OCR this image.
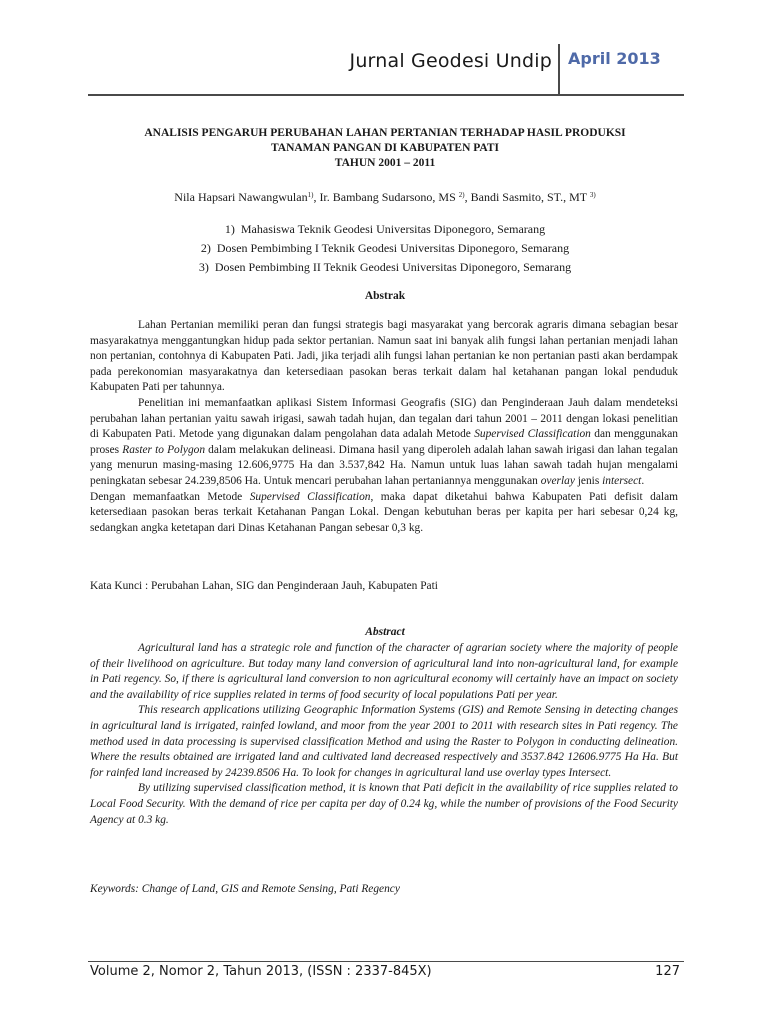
Jurnal Geodesi Undip April 2013
ANALISIS PENGARUH PERUBAHAN LAHAN PERTANIAN TERHADAP HASIL PRODUKSI
TANAMAN PANGAN DI KABUPATEN PATI
TAHUN 2001 – 2011
Nila Hapsari Nawangwulan$^{1)}$, Ir. Bambang Sudarsono, MS $^{2)}$, Bandi Sasmito, ST., MT $^{3)}$
1) Mahasiswa Teknik Geodesi Universitas Diponegoro, Semarang
2) Dosen Pembimbing I Teknik Geodesi Universitas Diponegoro, Semarang
3) Dosen Pembimbing II Teknik Geodesi Universitas Diponegoro, Semarang
Abstrak

Lahan Pertanian memiliki peran dan fungsi strategis bagi masyarakat yang bercorak agraris dimana sebagian besar masyarakatnya menggantungkan hidup pada sektor pertanian. Namun saat ini banyak alih fungsi lahan pertanian menjadi lahan non pertanian, contohnya di Kabupaten Pati. Jadi, jika terjadi alih fungsi lahan pertanian ke non pertanian pasti akan berdampak pada perekonomian masyarakatnya dan ketersediaan pasokan beras terkait dalam hal ketahanan pangan lokal penduduk Kabupaten Pati per tahunnya.

Penelitian ini memanfaatkan aplikasi Sistem Informasi Geografis (SIG) dan Penginderaan Jauh dalam mendeteksi perubahan lahan pertanian yaitu sawah irigasi, sawah tadah hujan, dan tegalan dari tahun 2001 – 2011 dengan lokasi penelitian di Kabupaten Pati. Metode yang digunakan dalam pengolahan data adalah Metode Supervised Classification dan menggunakan proses Raster to Polygon dalam melakukan delineasi. Dimana hasil yang diperoleh adalah lahan sawah irigasi dan lahan tegalan yang menurun masing-masing 12.606,9775 Ha dan 3.537,842 Ha. Namun untuk luas lahan sawah tadah hujan mengalami peningkatan sebesar 24.239,8506 Ha. Untuk mencari perubahan lahan pertaniannya menggunakan overlay jenis intersect.

Dengan memanfaatkan Metode Supervised Classification, maka dapat diketahui bahwa Kabupaten Pati defisit dalam ketersediaan pasokan beras terkait Ketahanan Pangan Lokal. Dengan kebutuhan beras per kapita per hari sebesar 0,24 kg, sedangkan angka ketetapan dari Dinas Ketahanan Pangan sebesar 0,3 kg.

Kata Kunci : Perubahan Lahan, SIG dan Penginderaan Jauh, Kabupaten Pati
Abstract

Agricultural land has a strategic role and function of the character of agrarian society where the majority of people of their livelihood on agriculture. But today many land conversion of agricultural land into non-agricultural land, for example in Pati regency. So, if there is agricultural land conversion to non agricultural economy will certainly have an impact on society and the availability of rice supplies related in terms of food security of local populations Pati per year.

This research applications utilizing Geographic Information Systems (GIS) and Remote Sensing in detecting changes in agricultural land is irrigated, rainfed lowland, and moor from the year 2001 to 2011 with research sites in Pati regency. The method used in data processing is supervised classification Method and using the Raster to Polygon in conducting delineation. Where the results obtained are irrigated land and cultivated land decreased respectively and 3537.842 12606.9775 Ha Ha. But for rainfed land increased by 24239.8506 Ha. To look for changes in agricultural land use overlay types Intersect.

By utilizing supervised classification method, it is known that Pati deficit in the availability of rice supplies related to Local Food Security. With the demand of rice per capita per day of 0.24 kg, while the number of provisions of the Food Security Agency at 0.3 kg.

Keywords: Change of Land, GIS and Remote Sensing, Pati Regency
Volume 2, Nomor 2, Tahun 2013, (ISSN : 2337-845X)	127
